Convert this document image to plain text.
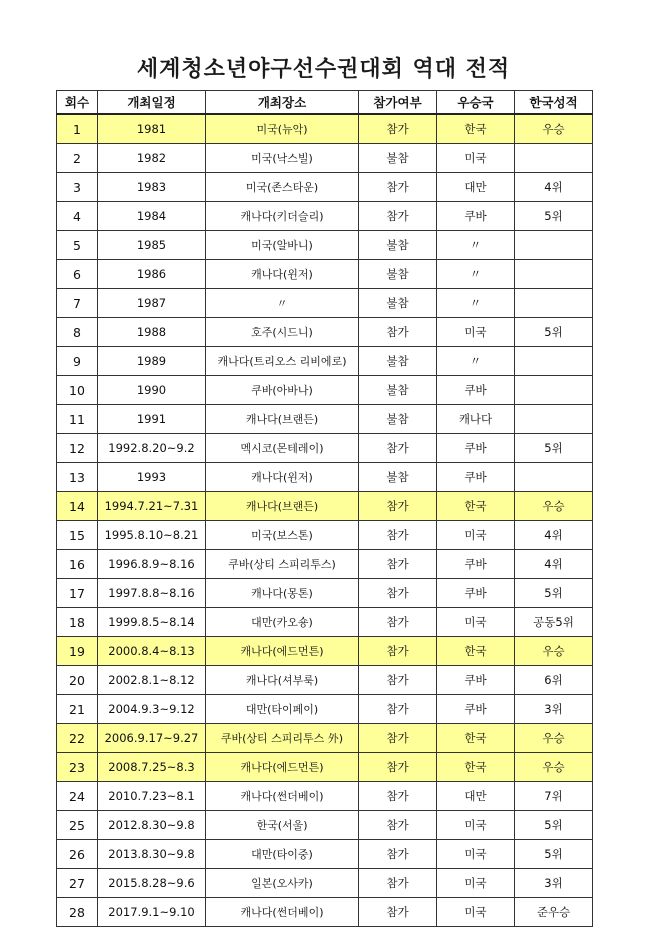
세계청소년야구선수권대회 역대 전적
회수	개최일정	개최장소	참가여부	우승국	한국성적
1	1981	미국(뉴악)	참가	한국	우승
2	1982	미국(낙스빌)	불참	미국	
3	1983	미국(존스타운)	참가	대만	4위
4	1984	캐나다(키더슬리)	참가	쿠바	5위
5	1985	미국(알바니)	불참	〃	
6	1986	캐나다(윈저)	불참	〃	
7	1987	〃	불참	〃	
8	1988	호주(시드니)	참가	미국	5위
9	1989	캐나다(트리오스 리비에로)	불참	〃	
10	1990	쿠바(아바나)	불참	쿠바	
11	1991	캐나다(브랜든)	불참	캐나다	
12	1992.8.20~9.2	멕시코(몬테레이)	참가	쿠바	5위
13	1993	캐나다(윈저)	불참	쿠바	
14	1994.7.21~7.31	캐나다(브랜든)	참가	한국	우승
15	1995.8.10~8.21	미국(보스톤)	참가	미국	4위
16	1996.8.9~8.16	쿠바(상티 스피리투스)	참가	쿠바	4위
17	1997.8.8~8.16	캐나다(몽톤)	참가	쿠바	5위
18	1999.8.5~8.14	대만(카오숑)	참가	미국	공동5위
19	2000.8.4~8.13	캐나다(에드먼튼)	참가	한국	우승
20	2002.8.1~8.12	캐나다(셔부룩)	참가	쿠바	6위
21	2004.9.3~9.12	대만(타이페이)	참가	쿠바	3위
22	2006.9.17~9.27	쿠바(상티 스피리투스 外)	참가	한국	우승
23	2008.7.25~8.3	캐나다(에드먼튼)	참가	한국	우승
24	2010.7.23~8.1	캐나다(썬더베이)	참가	대만	7위
25	2012.8.30~9.8	한국(서울)	참가	미국	5위
26	2013.8.30~9.8	대만(타이중)	참가	미국	5위
27	2015.8.28~9.6	일본(오사카)	참가	미국	3위
28	2017.9.1~9.10	캐나다(썬더베이)	참가	미국	준우승
